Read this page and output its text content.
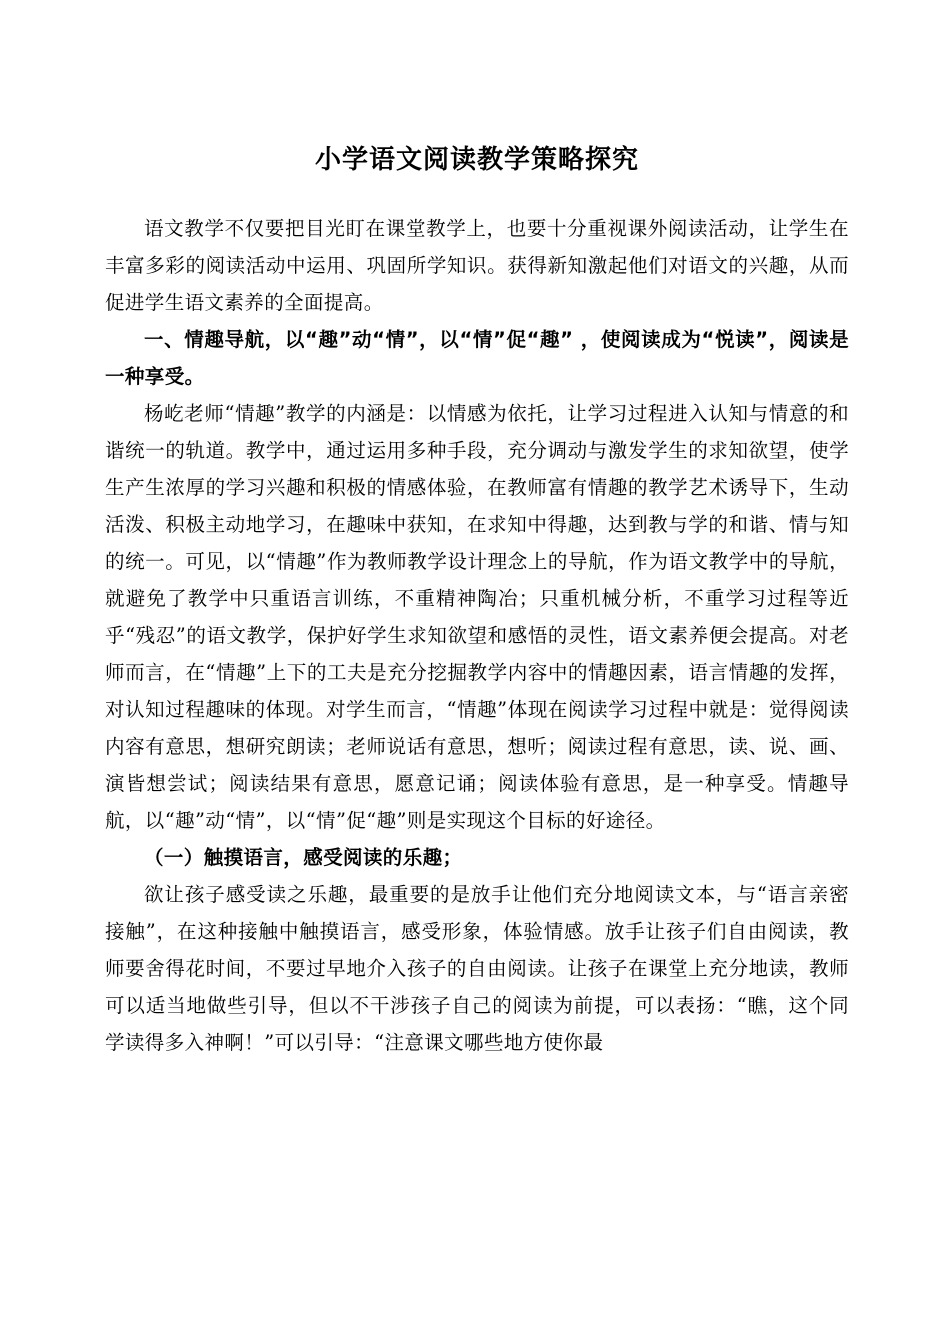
小学语文阅读教学策略探究

语文教学不仅要把目光盯在课堂教学上，也要十分重视课外阅读活动，让学生在丰富多彩的阅读活动中运用、巩固所学知识。获得新知激起他们对语文的兴趣，从而促进学生语文素养的全面提高。

一、情趣导航，以“趣”动“情”，以“情”促“趣” ，使阅读成为“悦读”，阅读是一种享受。

杨屹老师“情趣”教学的内涵是：以情感为依托，让学习过程进入认知与情意的和谐统一的轨道。教学中，通过运用多种手段，充分调动与激发学生的求知欲望，使学生产生浓厚的学习兴趣和积极的情感体验，在教师富有情趣的教学艺术诱导下，生动活泼、积极主动地学习，在趣味中获知，在求知中得趣，达到教与学的和谐、情与知的统一。可见，以“情趣”作为教师教学设计理念上的导航，作为语文教学中的导航，就避免了教学中只重语言训练，不重精神陶冶；只重机械分析，不重学习过程等近乎“残忍”的语文教学，保护好学生求知欲望和感悟的灵性，语文素养便会提高。对老师而言，在“情趣”上下的工夫是充分挖掘教学内容中的情趣因素，语言情趣的发挥，对认知过程趣味的体现。对学生而言，“情趣”体现在阅读学习过程中就是：觉得阅读内容有意思，想研究朗读；老师说话有意思，想听；阅读过程有意思，读、说、画、演皆想尝试；阅读结果有意思，愿意记诵；阅读体验有意思，是一种享受。情趣导航，以“趣”动“情”，以“情”促“趣”则是实现这个目标的好途径。

（一）触摸语言，感受阅读的乐趣；

欲让孩子感受读之乐趣，最重要的是放手让他们充分地阅读文本，与“语言亲密接触”，在这种接触中触摸语言，感受形象，体验情感。放手让孩子们自由阅读，教师要舍得花时间，不要过早地介入孩子的自由阅读。让孩子在课堂上充分地读，教师可以适当地做些引导，但以不干涉孩子自己的阅读为前提，可以表扬：“瞧，这个同学读得多入神啊！”可以引导：“注意课文哪些地方使你最
